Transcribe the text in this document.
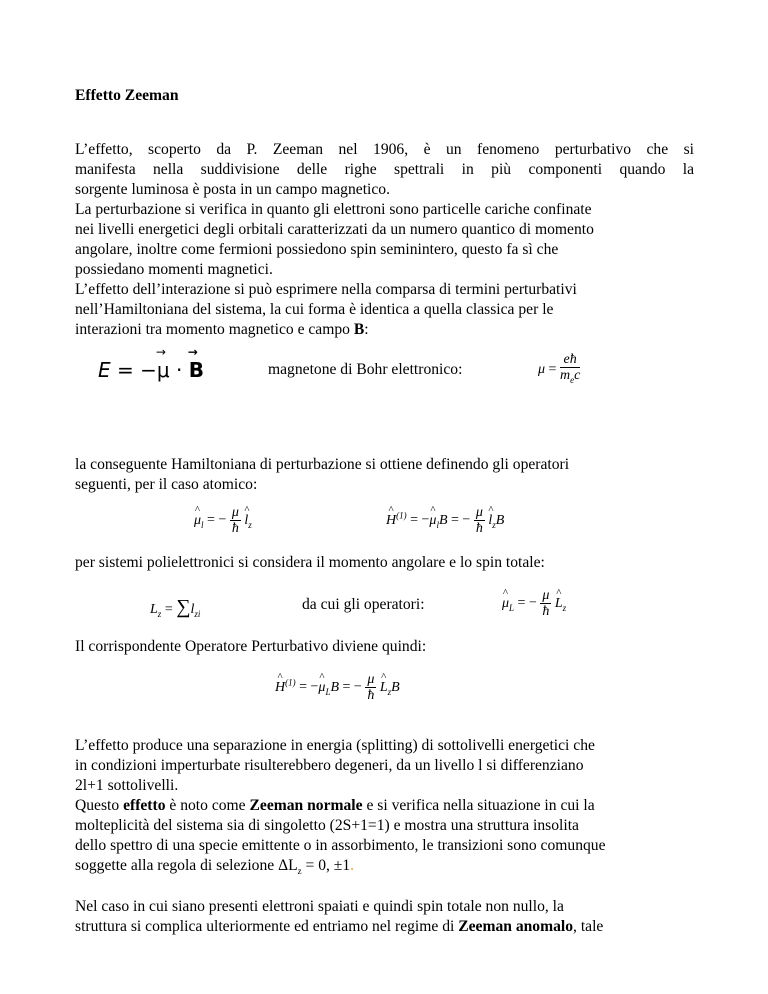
Effetto Zeeman
L’effetto, scoperto da P. Zeeman nel 1906, è un fenomeno perturbativo che si
manifesta nella suddivisione delle righe spettrali in più componenti quando la
sorgente luminosa è posta in un campo magnetico.
La perturbazione si verifica in quanto gli elettroni sono particelle cariche confinate
nei livelli energetici degli orbitali caratterizzati da un numero quantico di momento
angolare, inoltre come fermioni possiedono spin seminintero, questo fa sì che
possiedano momenti magnetici.
L’effetto dell’interazione si può esprimere nella comparsa di termini perturbativi
nell’Hamiltoniana del sistema, la cui forma è identica a quella classica per le
interazioni tra momento magnetico e campo B:
E = −→ μ · → B	magnetone di Bohr elettronico:	$\mu = \frac{eħ}{m_ec}$
la conseguente Hamiltoniana di perturbazione si ottiene definendo gli operatori
seguenti, per il caso atomico:
^ $\mu_l$ = − $\frac{\mu}{ħ}$ ^ $l_z$	^ $H^{(1)}$ = −^ $\mu_lB$ = − $\frac{\mu}{ħ}$ ^ $l_zB$
per sistemi polielettronici si considera il momento angolare e lo spin totale:
$L_z = \sum l_{zi}$
da cui gli operatori:	^ $\mu_L$ = − $\frac{\mu}{ħ}$ ^ $L_z$
Il corrispondente Operatore Perturbativo diviene quindi:
^ $H^{(1)}$ = −^ $\mu_LB$ = − $\frac{\mu}{ħ}$ ^ $L_zB$
L’effetto produce una separazione in energia (splitting) di sottolivelli energetici che
in condizioni imperturbate risulterebbero degeneri, da un livello l si differenziano
2l+1 sottolivelli.
Questo effetto è noto come Zeeman normale e si verifica nella situazione in cui la
molteplicità del sistema sia di singoletto (2S+1=1) e mostra una struttura insolita
dello spettro di una specie emittente o in assorbimento, le transizioni sono comunque
soggette alla regola di selezione $\Delta L_z = 0$, ±1.
Nel caso in cui siano presenti elettroni spaiati e quindi spin totale non nullo, la
struttura si complica ulteriormente ed entriamo nel regime di Zeeman anomalo, tale
